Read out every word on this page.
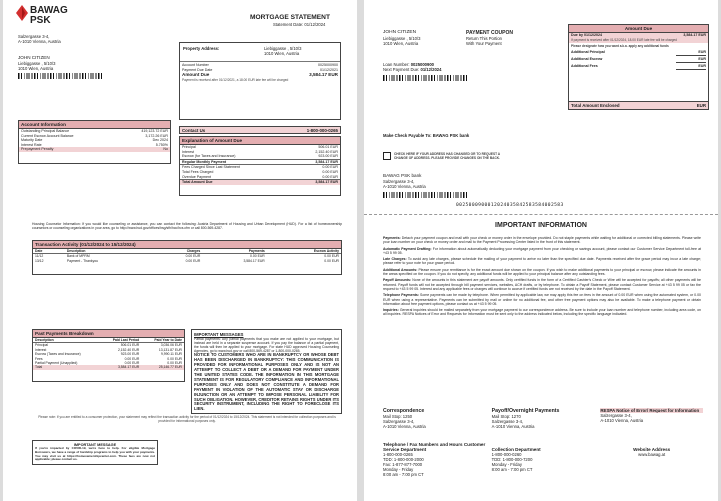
BAWAG
PSK
Salzergasse 3-4,
A-1010 Vienna, Austria
JOHN CITIZEN
Liebiggasse , 5/10/3
1010 Wien, Austria
MORTGAGE STATEMENT
Statement Date: 01/12/2024
Property Address:	Liebiggasse , 5/10/3
1010 Wien, Austria
Account Number	0025000900
Payment Due Date	01/12/2021
Amount Due	3,584.17 EUR
Payment is received after 01/12/2021, a 18.00 EUR late fee will be charged
Account Information
Outstanding Principal Balance	419,123.72 EUR
Current Escrow Account Balance	3,172.26 EUR
Maturity Date	Dec 2024
Interest Rate	5.750%
Prepayment Penalty	No
Contact Us	1-800-000-0265
Explanation of Amount Due
Principal	506.01 EUR
Interest	2,152.40 EUR
Escrow (for Taxes and Insurance)	923.00 EUR
Regular Monthly Payment	3,584.17 EUR
Fees Charged Since Last Statement	0.00 EUR
Total Fees Charged	0.00 EUR
Overdue Payment	0.00 EUR
Total Amount Due	3,584.17 EUR
Housing Counselor Information: If you would like counseling or assistance, you can contact the following: Austria Department of Housing and Urban Development (HUD). For a list of homeownership counselors or counseling organizations in your area, go to http://www.hud.gov/offices/hsg/sfh/hcc/hcs.cfm or call 800-569-4287.
Transaction Activity (01/12/2024 to 15/12/2024)
Date	Description	Charges	Payments	Escrow Activity
11/12	Bank of MPRM	0.00 EUR	0.00 EUR	0.00 EUR
13/12	Payment - Thankyou	0.00 EUR	3,584.17 EUR	0.00 EUR
Past Payments Breakdown
Description	Paid Last Period	Paid Year to Date
Principal	506.01 EUR	3,036.06 EUR
Interest	2,152.40 EUR	13,131.87 EUR
Escrow (Taxes and Insurance)	923.00 EUR	9,990.11 EUR
Fees	0.00 EUR	0.00 EUR
Partial Payment (Unapplied)	0.00 EUR	0.00 EUR
Total	3,584.17 EUR	25,146.77 EUR
IMPORTANT MESSAGES
Partial payments: Any partial payments that you make are not applied to your mortgage, but instead are held in a separate suspense account. If you pay the balance of a partial payment, the funds will then be applied to your mortgage. For state HUD approved Housing Counseling Agencies, go to www.hud.gov or call 800-569-4287 or 1-800-000-0265.
NOTICE TO CUSTOMERS WHO ARE IN BANKRUPTCY OR WHOSE DEBT HAS BEEN DISCHARGED IN BANKRUPTCY: THIS COMMUNICATION IS PROVIDED FOR INFORMATIONAL PURPOSES ONLY AND IS NOT AN ATTEMPT TO COLLECT A DEBT OR A DEMAND FOR PAYMENT UNDER THE UNITED STATES CODE. THE INFORMATION IN THIS MORTGAGE STATEMENT IS FOR REGULATORY COMPLIANCE AND INFORMATIONAL PURPOSES ONLY AND DOES NOT CONSTITUTE A DEMAND FOR PAYMENT IN VIOLATION OF THE AUTOMATIC STAY OR DISCHARGE INJUNCTION OR AN ATTEMPT TO IMPOSE PERSONAL LIABILITY FOR SUCH OBLIGATION. HOWEVER, CREDITOR RETAINS RIGHTS UNDER ITS SECURITY INSTRUMENT, INCLUDING THE RIGHT TO FORECLOSE ITS LIEN.
Please note: If you are entitled to a consumer protection, your statement may reflect the transaction activity for the period of 01/12/2024 to 15/12/2024. This statement is not intended for collection purposes and is provided for informational purposes only.
IMPORTANT MESSAGE
If you're impacted by COVID-19, we're here to help. For eligible Mortgage Borrowers, we have a range of hardship programs to help you with your payments. You may visit us at https://homeownershipcenter.com. These fees are now not applicable; please contact us.
JOHN CITIZEN
Liebiggasse , 5/10/3
1010 Wien, Austria
PAYMENT COUPON
Return This Portion
With Your Payment
Loan Number: 0025000900
Next Payment Due: 01/12/2024
Amount Due
Due by 01/12/2024	3,584.17 EUR
If payment is received after 01/12/2024, 18.00 EUR late fee will be charged
Please designate how you want a.k.a. apply any additional funds
Additional Principal	EUR
Additional Escrow	EUR
Additional Fees	EUR
Total Amount Enclosed	EUR
Make Check Payable To: BAWAG PSK bank
CHECK HERE IF YOUR ADDRESS HAS CHANGED OR TO REQUEST A CHANGE OF ADDRESS. PLEASE PROVIDE CHANGES ON THE BACK.
BAWAG PSK bank
Salzergasse 3-4,
A-1010 Vienna, Austria
0025000900012024035842583584002583
IMPORTANT INFORMATION

Payments: Detach your payment coupon and mail with your check or money order in the envelope provided. Do not staple payments while waiting for additional or corrected billing statements. Please write your loan number on your check or money order and mail to the Payment Processing Center listed in the front of this statement.

Automatic Payment Drafting: For information about automatically deducting your mortgage payment from your checking or savings account, please contact our Customer Service Department toll-free at +43 5 99 05.

Late Charges: To avoid any late charges, please schedule the mailing of your payment to arrive no later than the specified due date. Payments received after the grace period may incur a late charge; please refer to your note for your grace period.

Additional Amounts: Please ensure your remittance is for the exact amount due shown on the coupon. If you wish to make additional payments to your principal or escrow, please indicate the amounts in the areas specified on the coupon. If you do not specify, any additional funds will be applied to your principal balance after any outstanding fees.

Payoff Amounts: None of the amounts in this statement are payoff amounts. Only certified funds in the form of a Certified Cashier's Check or Wire will be accepted for payoffs; all other payments will be returned. Payoff funds will not be accepted through bill payment services, websites, ACH drafts, or by telephone. To obtain a Payoff Statement, please contact Customer Service at +43 5 99 05 or fax the request to +43 5 99 05. Interest and any applicable fees or charges will continue to accrue if certified funds are not received by the date in the Payoff Statement.

Telephone Payments: Some payments can be made by telephone. When permitted by applicable law, we may apply this fee on fees in the amount of 0.00 EUR when using the automated system, or 0.00 EUR when using a representative. Payments can be submitted by mail or online for no additional fee, and other free payment options may also be available. To make a telephone payment or obtain information about free payment options, please contact us at +43 5 99 05.

Inquiries: General inquiries should be mailed separately from your mortgage payment to our correspondence address. Be sure to include your loan number and telephone number, including area code, on all inquiries. RESPA Notices of Error and Requests for Information must be sent only to the address indicated below, including the specific language indicated.

Correspondence
Mail Stop: 1250
Salzergasse 3-4,
A-1010 Vienna, Austria
Payoff/Overnight Payments
Mail Stop: 1270
Salzergasse 3-4,
A-1010 Vienna, Austria
RESPA Notice of Error/ Request for Information
Salzergasse 3-4,
A-1010 Vienna, Austria
Telephone / Fax Numbers and Hours Customer Service Department
1-800-000-0265
TDD: 1-800-000-2000
Fax: 1-877-877-7000
Monday - Friday
8:00 am - 7:00 pm CT
Collection Department
1-800-000-0260
TDD: 1-800-000-7200
Monday - Friday
8:00 am - 7:00 pm CT
Website Address
www.bawag.at
